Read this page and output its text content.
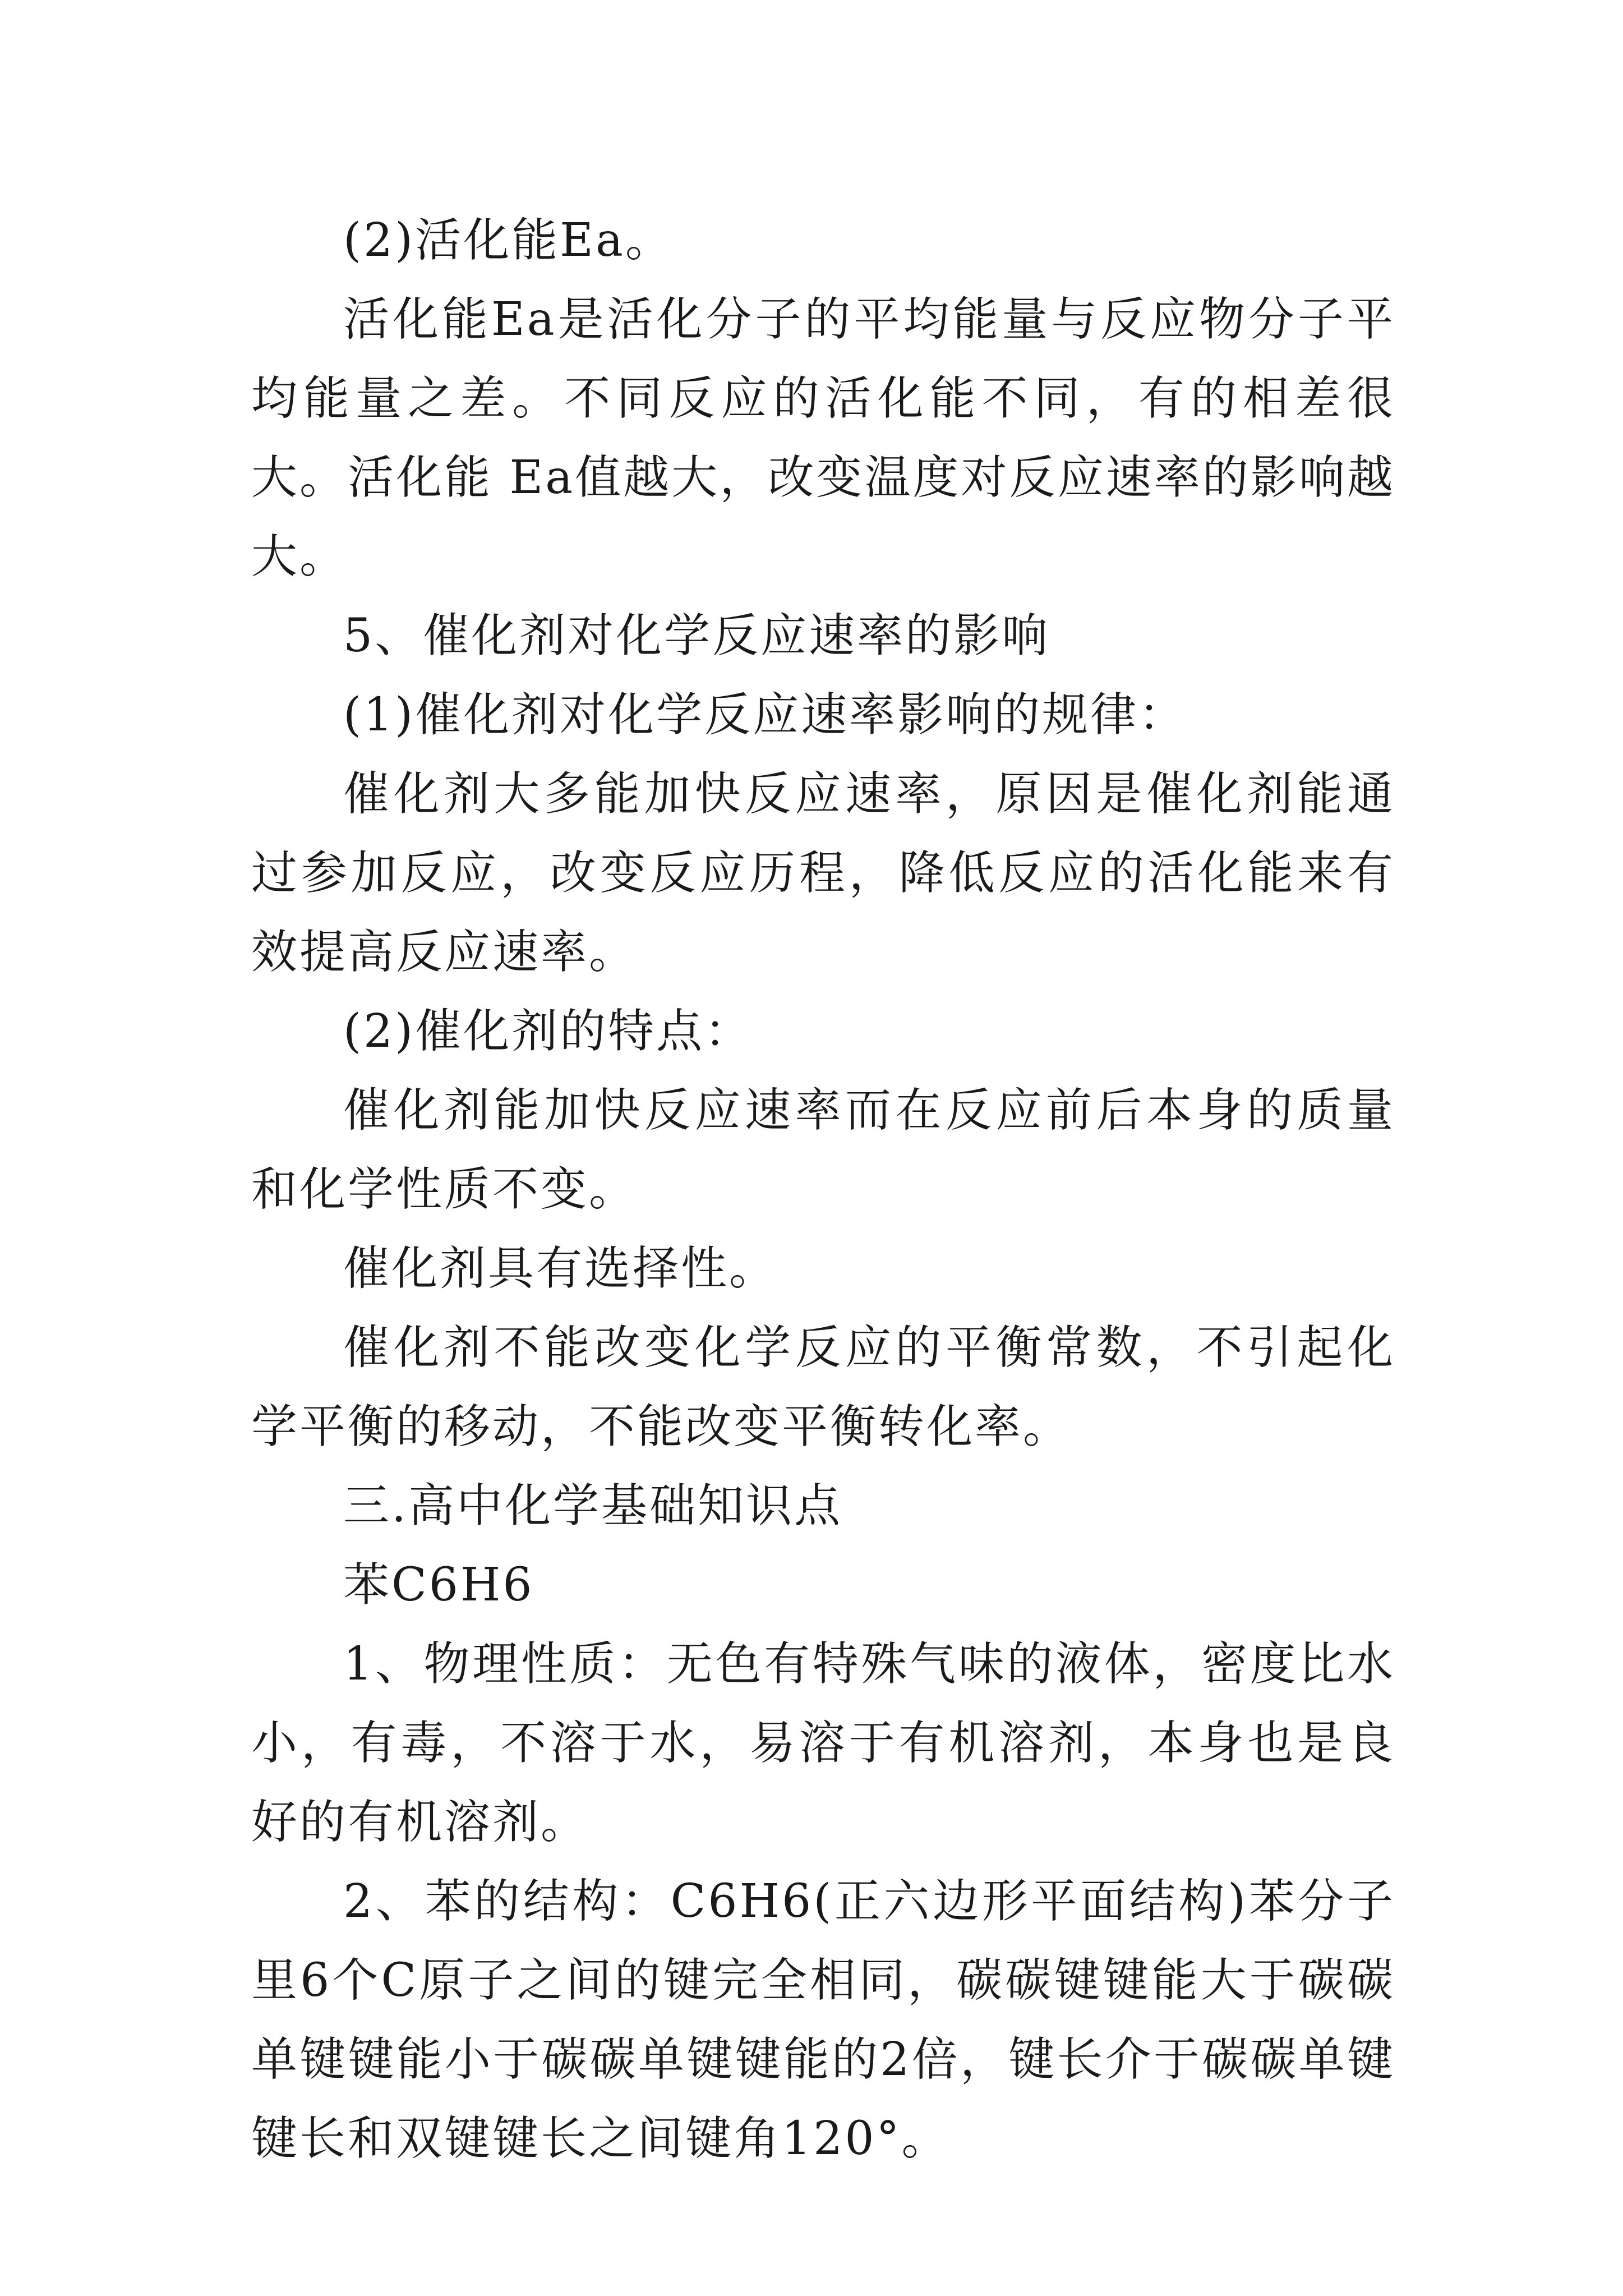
(2)活化能Ea。

活化能Ea是活化分子的平均能量与反应物分子平均能量之差。不同反应的活化能不同，有的相差很大。活化能 Ea值越大，改变温度对反应速率的影响越大。

5、催化剂对化学反应速率的影响

(1)催化剂对化学反应速率影响的规律：

催化剂大多能加快反应速率，原因是催化剂能通过参加反应，改变反应历程，降低反应的活化能来有效提高反应速率。

(2)催化剂的特点：

催化剂能加快反应速率而在反应前后本身的质量和化学性质不变。

催化剂具有选择性。

催化剂不能改变化学反应的平衡常数，不引起化学平衡的移动，不能改变平衡转化率。

三.高中化学基础知识点

苯C6H6

1、物理性质：无色有特殊气味的液体，密度比水小，有毒，不溶于水，易溶于有机溶剂，本身也是良好的有机溶剂。

2、苯的结构：C6H6(正六边形平面结构)苯分子里6个C原子之间的键完全相同，碳碳键键能大于碳碳单键键能小于碳碳单键键能的2倍，键长介于碳碳单键键长和双键键长之间键角120°。
